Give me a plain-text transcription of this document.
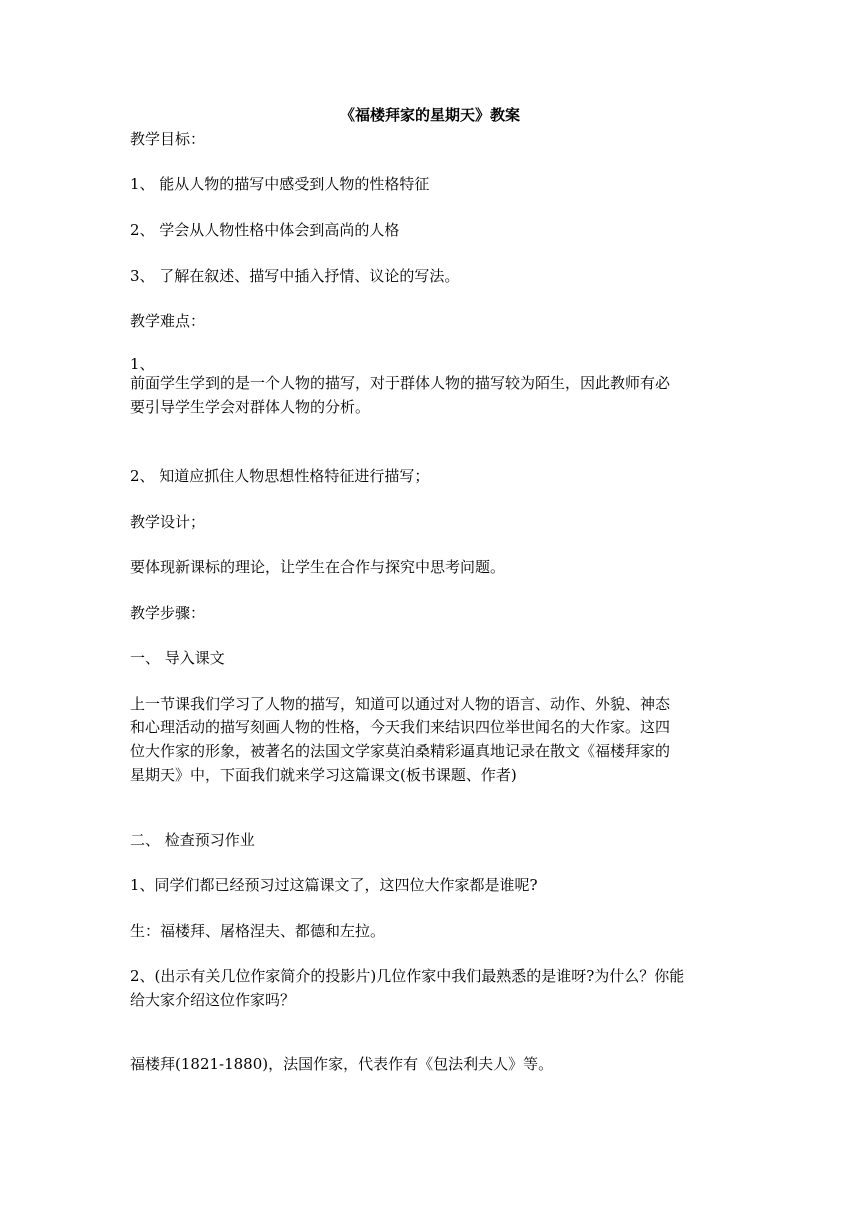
《福楼拜家的星期天》教案
教学目标：
1、 能从人物的描写中感受到人物的性格特征
2、 学会从人物性格中体会到高尚的人格
3、 了解在叙述、描写中插入抒情、议论的写法。
教学难点：
1、
前面学生学到的是一个人物的描写，对于群体人物的描写较为陌生，因此教师有必
要引导学生学会对群体人物的分析。
2、 知道应抓住人物思想性格特征进行描写；
教学设计；
要体现新课标的理论，让学生在合作与探究中思考问题。
教学步骤：
一、 导入课文
上一节课我们学习了人物的描写，知道可以通过对人物的语言、动作、外貌、神态
和心理活动的描写刻画人物的性格，今天我们来结识四位举世闻名的大作家。这四
位大作家的形象，被著名的法国文学家莫泊桑精彩逼真地记录在散文《福楼拜家的
星期天》中，下面我们就来学习这篇课文(板书课题、作者)
二、 检查预习作业
1、同学们都已经预习过这篇课文了，这四位大作家都是谁呢?
生：福楼拜、屠格涅夫、都德和左拉。
2、(出示有关几位作家简介的投影片)几位作家中我们最熟悉的是谁呀?为什么？你能
给大家介绍这位作家吗？
福楼拜(1821-1880)，法国作家，代表作有《包法利夫人》等。
